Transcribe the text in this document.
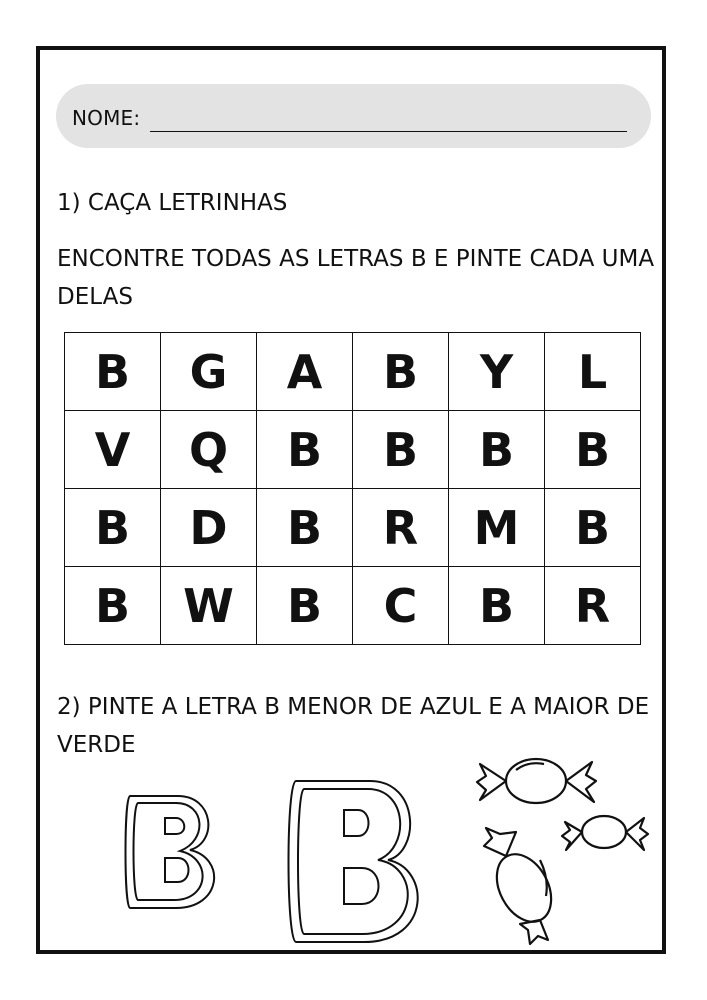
NOME:
1) CAÇA LETRINHAS
ENCONTRE TODAS AS LETRAS B E PINTE CADA UMA DELAS
B	G	A	B	Y	L
V	Q	B	B	B	B
B	D	B	R	M	B
B	W	B	C	B	R
2) PINTE A LETRA B MENOR DE AZUL E A MAIOR DE VERDE
